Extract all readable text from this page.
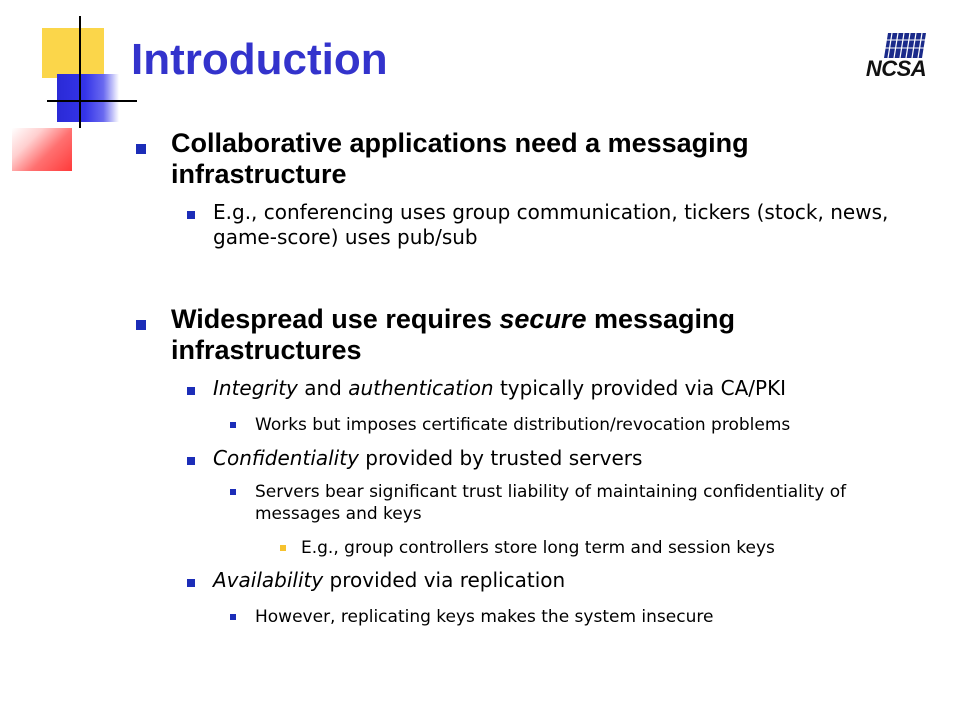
Introduction	NCSA
Collaborative applications need a messaging infrastructure
E.g., conferencing uses group communication, tickers (stock, news, game-score) uses pub/sub
Widespread use requires secure messaging infrastructures
Integrity and authentication typically provided via CA/PKI
Works but imposes certificate distribution/revocation problems
Confidentiality provided by trusted servers
Servers bear significant trust liability of maintaining confidentiality of messages and keys
E.g., group controllers store long term and session keys
Availability provided via replication
However, replicating keys makes the system insecure
